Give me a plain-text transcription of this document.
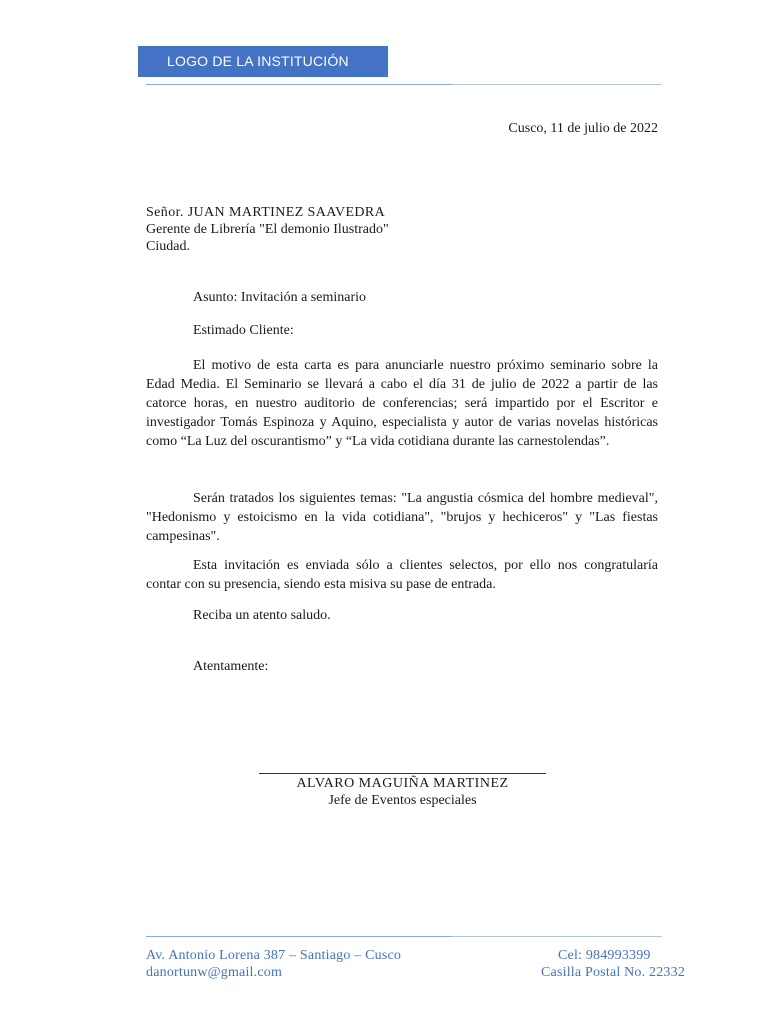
LOGO DE LA INSTITUCIÓN
Cusco, 11 de julio de 2022
Señor. JUAN MARTINEZ SAAVEDRA
Gerente de Librería "El demonio Ilustrado"
Ciudad.
Asunto: Invitación a seminario
Estimado Cliente:

El motivo de esta carta es para anunciarle nuestro próximo seminario sobre la Edad Media. El Seminario se llevará a cabo el día 31 de julio de 2022 a partir de las catorce horas, en nuestro auditorio de conferencias; será impartido por el Escritor e investigador Tomás Espinoza y Aquino, especialista y autor de varias novelas históricas como “La Luz del oscurantismo” y “La vida cotidiana durante las carnestolendas”.

Serán tratados los siguientes temas: "La angustia cósmica del hombre medieval", "Hedonismo y estoicismo en la vida cotidiana", "brujos y hechiceros" y "Las fiestas campesinas".

Esta invitación es enviada sólo a clientes selectos, por ello nos congratularía contar con su presencia, siendo esta misiva su pase de entrada.

Reciba un atento saludo.
Atentamente:
ALVARO MAGUIÑA MARTINEZ
Jefe de Eventos especiales
Av. Antonio Lorena 387 – Santiago – Cusco
danortunw@gmail.com
Cel: 984993399
Casilla Postal No. 22332
